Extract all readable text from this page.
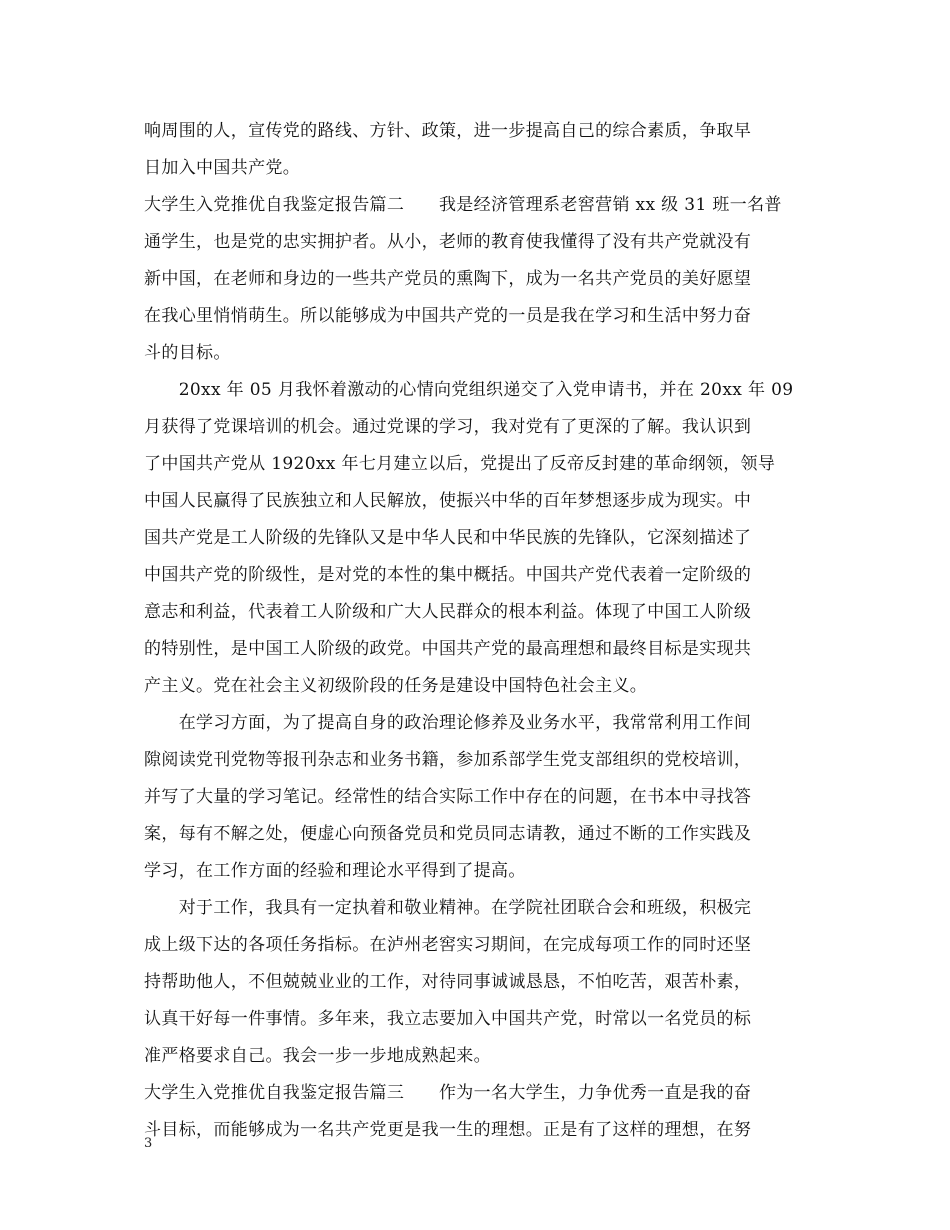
响周围的人，宣传党的路线、方针、政策，进一步提高自己的综合素质，争取早
日加入中国共产党。
大学生入党推优自我鉴定报告篇二　　我是经济管理系老窖营销 xx 级 31 班一名普
通学生，也是党的忠实拥护者。从小，老师的教育使我懂得了没有共产党就没有
新中国，在老师和身边的一些共产党员的熏陶下，成为一名共产党员的美好愿望
在我心里悄悄萌生。所以能够成为中国共产党的一员是我在学习和生活中努力奋
斗的目标。
　　20xx 年 05 月我怀着激动的心情向党组织递交了入党申请书，并在 20xx 年 09
月获得了党课培训的机会。通过党课的学习，我对党有了更深的了解。我认识到
了中国共产党从 1920xx 年七月建立以后，党提出了反帝反封建的革命纲领，领导
中国人民赢得了民族独立和人民解放，使振兴中华的百年梦想逐步成为现实。中
国共产党是工人阶级的先锋队又是中华人民和中华民族的先锋队，它深刻描述了
中国共产党的阶级性，是对党的本性的集中概括。中国共产党代表着一定阶级的
意志和利益，代表着工人阶级和广大人民群众的根本利益。体现了中国工人阶级
的特别性，是中国工人阶级的政党。中国共产党的最高理想和最终目标是实现共
产主义。党在社会主义初级阶段的任务是建设中国特色社会主义。
　　在学习方面，为了提高自身的政治理论修养及业务水平，我常常利用工作间
隙阅读党刊党物等报刊杂志和业务书籍，参加系部学生党支部组织的党校培训，
并写了大量的学习笔记。经常性的结合实际工作中存在的问题，在书本中寻找答
案，每有不解之处，便虚心向预备党员和党员同志请教，通过不断的工作实践及
学习，在工作方面的经验和理论水平得到了提高。
　　对于工作，我具有一定执着和敬业精神。在学院社团联合会和班级，积极完
成上级下达的各项任务指标。在泸州老窖实习期间，在完成每项工作的同时还坚
持帮助他人，不但兢兢业业的工作，对待同事诚诚恳恳，不怕吃苦，艰苦朴素，
认真干好每一件事情。多年来，我立志要加入中国共产党，时常以一名党员的标
准严格要求自己。我会一步一步地成熟起来。
大学生入党推优自我鉴定报告篇三　　作为一名大学生，力争优秀一直是我的奋
斗目标，而能够成为一名共产党更是我一生的理想。正是有了这样的理想，在努
3
